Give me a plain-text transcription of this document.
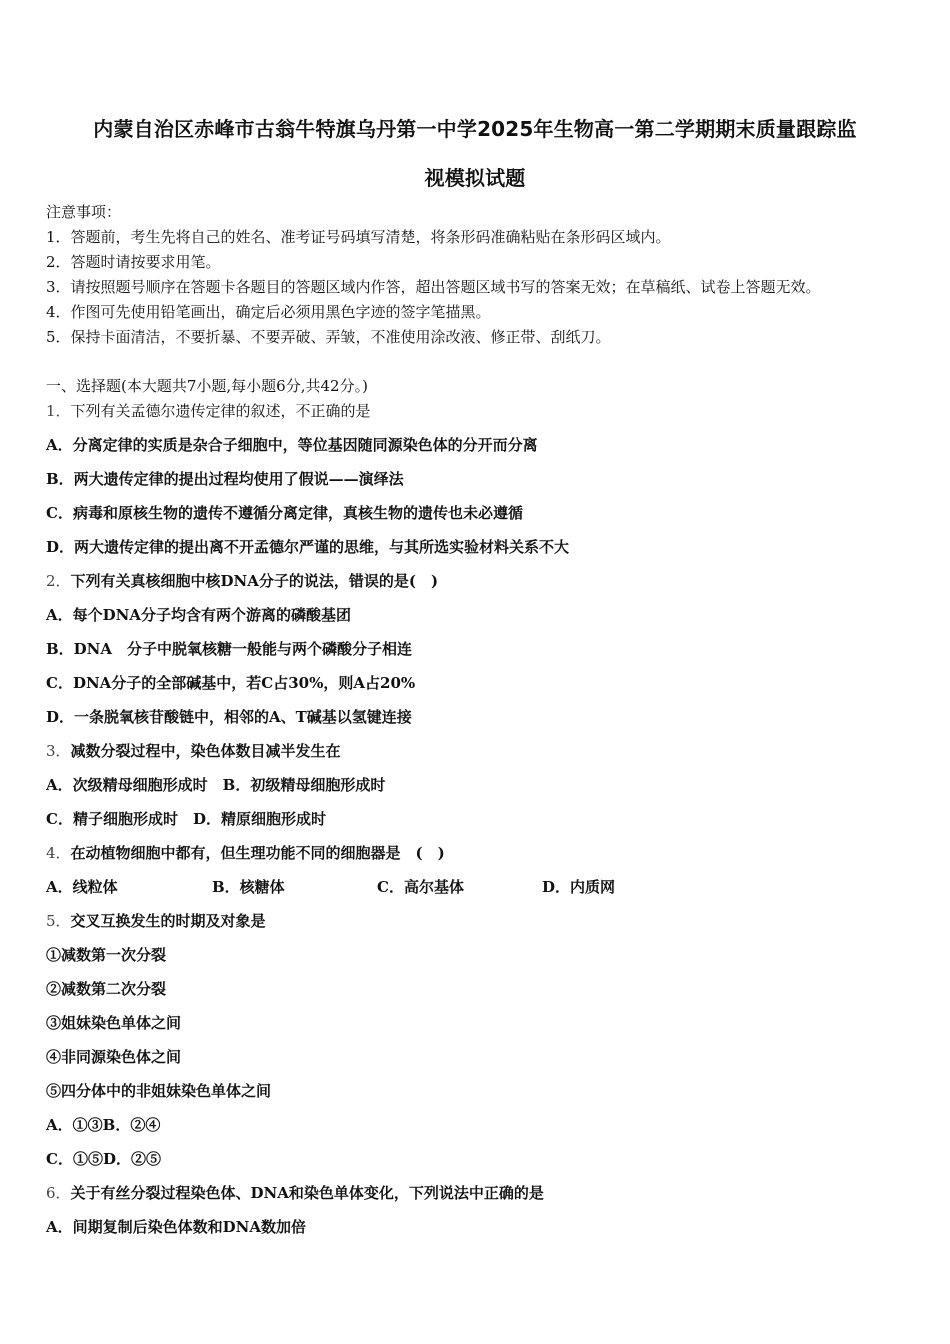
内蒙自治区赤峰市古翁牛特旗乌丹第一中学2025年生物高一第二学期期末质量跟踪监
视模拟试题
注意事项：
1．答题前，考生先将自己的姓名、准考证号码填写清楚，将条形码准确粘贴在条形码区域内。
2．答题时请按要求用笔。
3．请按照题号顺序在答题卡各题目的答题区域内作答，超出答题区域书写的答案无效；在草稿纸、试卷上答题无效。
4．作图可先使用铅笔画出，确定后必须用黑色字迹的签字笔描黑。
5．保持卡面清洁，不要折暴、不要弄破、弄皱，不准使用涂改液、修正带、刮纸刀。
一、选择题(本大题共7小题,每小题6分,共42分。)
1．下列有关孟德尔遗传定律的叙述，不正确的是
A．分离定律的实质是杂合子细胞中，等位基因随同源染色体的分开而分离
B．两大遗传定律的提出过程均使用了假说——演绎法
C．病毒和原核生物的遗传不遵循分离定律，真核生物的遗传也未必遵循
D．两大遗传定律的提出离不开孟德尔严谨的思维，与其所选实验材料关系不大
2．下列有关真核细胞中核DNA分子的说法，错误的是(　)
A．每个DNA分子均含有两个游离的磷酸基团
B．DNA　分子中脱氧核糖一般能与两个磷酸分子相连
C．DNA分子的全部碱基中，若C占30%，则A占20%
D．一条脱氧核苷酸链中，相邻的A、T碱基以氢键连接
3．减数分裂过程中，染色体数目减半发生在
A．次级精母细胞形成时　B．初级精母细胞形成时
C．精子细胞形成时　D．精原细胞形成时
4．在动植物细胞中都有，但生理功能不同的细胞器是　(　)
A．线粒体	B．核糖体	C．高尔基体	D．内质网
5．交叉互换发生的时期及对象是
①减数第一次分裂
②减数第二次分裂
③姐妹染色单体之间
④非同源染色体之间
⑤四分体中的非姐妹染色单体之间
A．①③B．②④
C．①⑤D．②⑤
6．关于有丝分裂过程染色体、DNA和染色单体变化，下列说法中正确的是
A．间期复制后染色体数和DNA数加倍
